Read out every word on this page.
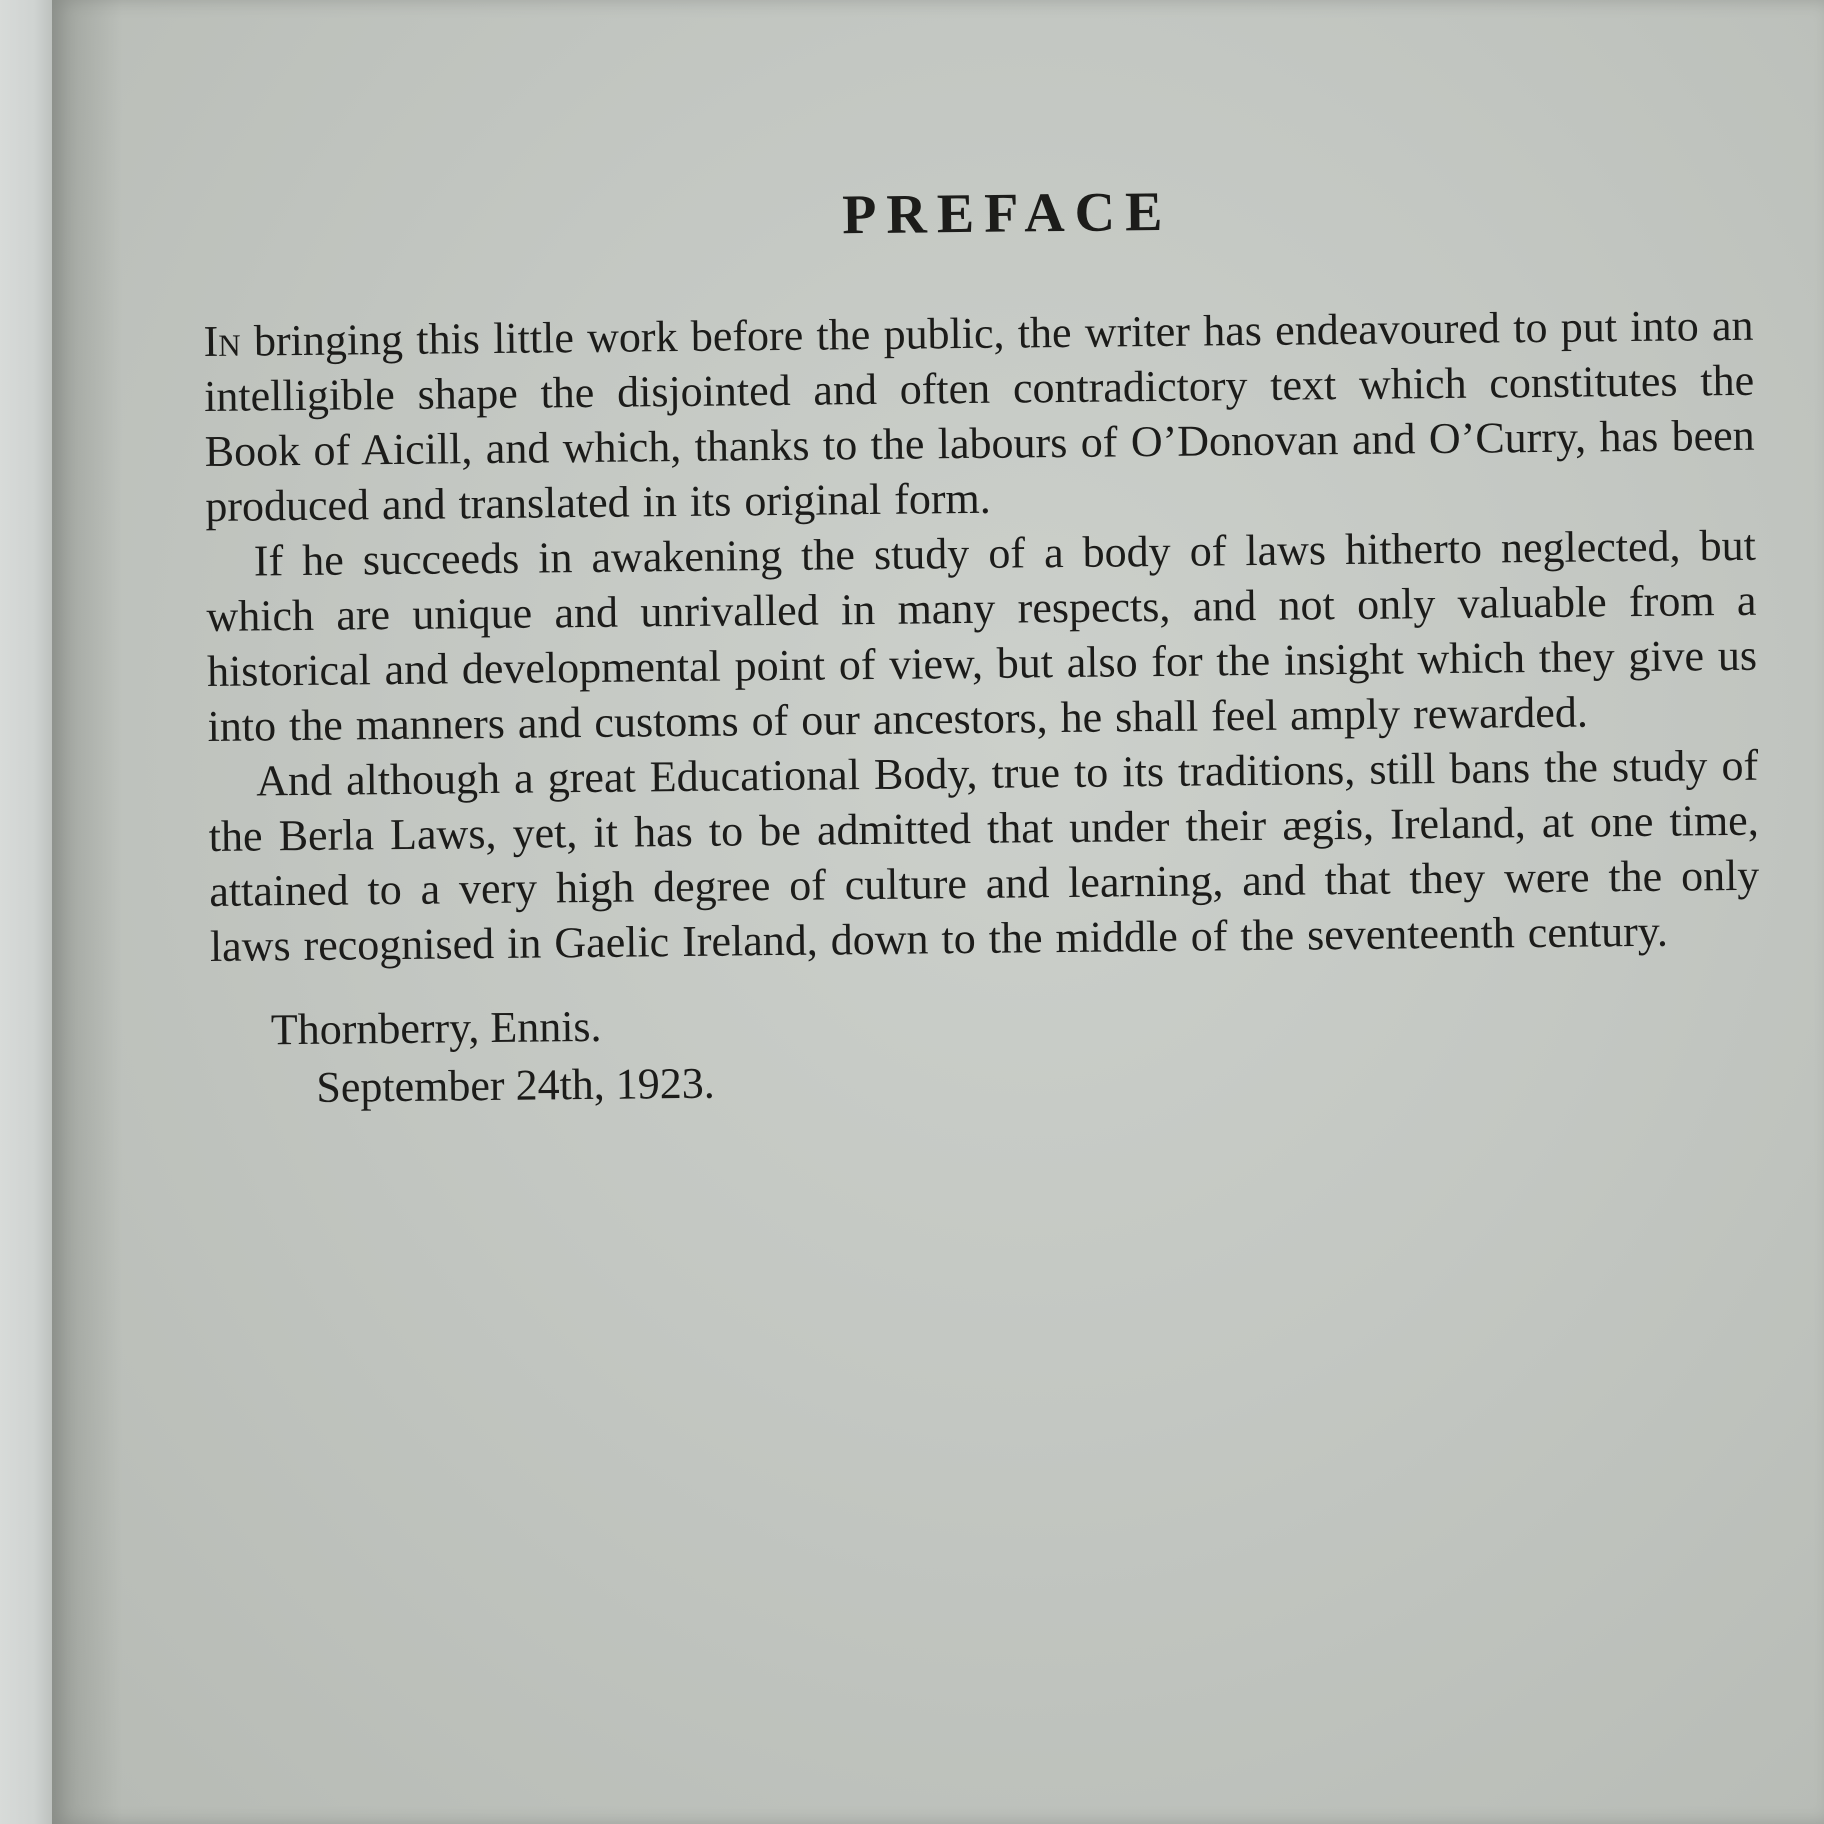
PREFACE

In bringing this little work before the public, the writer has endeavoured to put into an intelligible shape the disjointed and often contradictory text which constitutes the Book of Aicill, and which, thanks to the labours of O’Donovan and O’Curry, has been produced and translated in its original form.

If he succeeds in awakening the study of a body of laws hitherto neglected, but which are unique and unrivalled in many respects, and not only valuable from a historical and developmental point of view, but also for the insight which they give us into the manners and customs of our ancestors, he shall feel amply rewarded.

And although a great Educational Body, true to its traditions, still bans the study of the Berla Laws, yet, it has to be admitted that under their ægis, Ireland, at one time, attained to a very high degree of culture and learning, and that they were the only laws recognised in Gaelic Ireland, down to the middle of the seventeenth century.

Thornberry, Ennis.
September 24th, 1923.
